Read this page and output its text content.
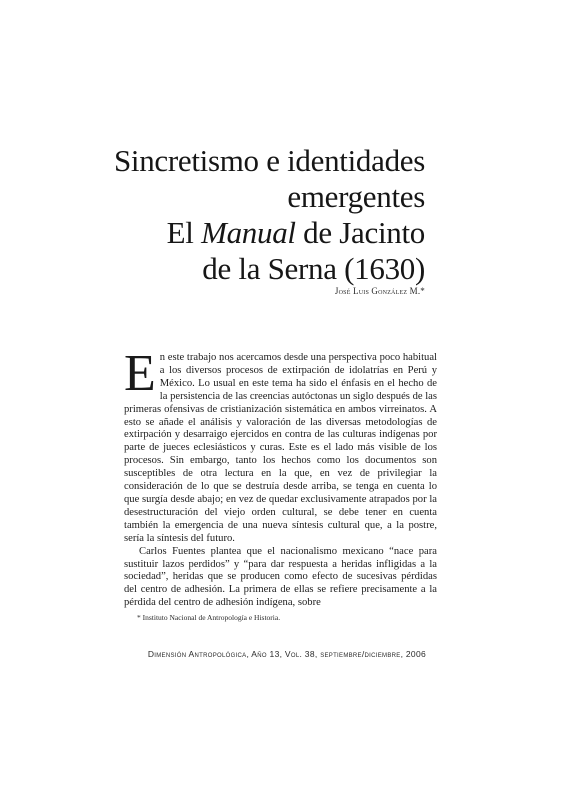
Sincretismo e identidades
emergentes
El Manual de Jacinto
de la Serna (1630)
José Luis González M.*

En este trabajo nos acercamos desde una perspectiva poco habitual a los diversos procesos de extirpación de idolatrías en Perú y México. Lo usual en este tema ha sido el énfasis en el hecho de la persistencia de las creencias autóctonas un siglo después de las primeras ofensivas de cristianización sistemática en ambos virreinatos. A esto se añade el análisis y valoración de las diversas metodologías de extirpación y desarraigo ejercidos en contra de las culturas indígenas por parte de jueces eclesiásticos y curas. Este es el lado más visible de los procesos. Sin embargo, tanto los hechos como los documentos son susceptibles de otra lectura en la que, en vez de privilegiar la consideración de lo que se destruía desde arriba, se tenga en cuenta lo que surgía desde abajo; en vez de quedar exclusivamente atrapados por la desestructuración del viejo orden cultural, se debe tener en cuenta también la emergencia de una nueva síntesis cultural que, a la postre, sería la síntesis del futuro.

Carlos Fuentes plantea que el nacionalismo mexicano “nace para sustituir lazos perdidos” y “para dar respuesta a heridas infligidas a la sociedad”, heridas que se producen como efecto de sucesivas pérdidas del centro de adhesión. La primera de ellas se refiere precisamente a la pérdida del centro de adhesión indígena, sobre

* Instituto Nacional de Antropología e Historia.
Dimensión Antropológica, Año 13, Vol. 38, septiembre/diciembre, 2006
